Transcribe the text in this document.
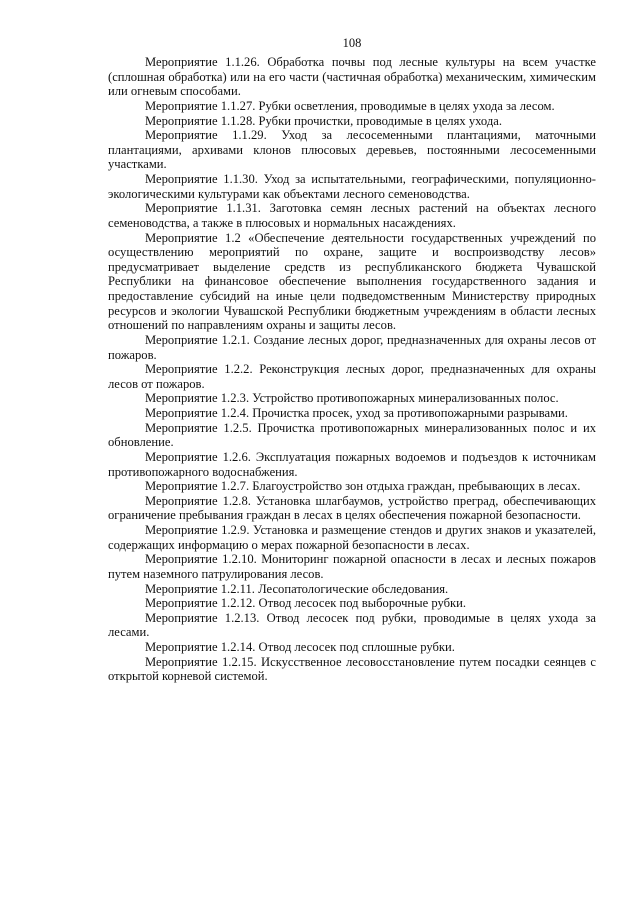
108

Мероприятие 1.1.26. Обработка почвы под лесные культуры на всем участке (сплошная обработка) или на его части (частичная обработка) механическим, химическим или огневым способами.

Мероприятие 1.1.27. Рубки осветления, проводимые в целях ухода за лесом.

Мероприятие 1.1.28. Рубки прочистки, проводимые в целях ухода.

Мероприятие 1.1.29. Уход за лесосеменными плантациями, маточными плантациями, архивами клонов плюсовых деревьев, постоянными лесосеменными участками.

Мероприятие 1.1.30. Уход за испытательными, географическими, популяционно-экологическими культурами как объектами лесного семеноводства.

Мероприятие 1.1.31. Заготовка семян лесных растений на объектах лесного семеноводства, а также в плюсовых и нормальных насаждениях.

Мероприятие 1.2 «Обеспечение деятельности государственных учреждений по осуществлению мероприятий по охране, защите и воспроизводству лесов» предусматривает выделение средств из республиканского бюджета Чувашской Республики на финансовое обеспечение выполнения государственного задания и предоставление субсидий на иные цели подведомственным Министерству природных ресурсов и экологии Чувашской Республики бюджетным учреждениям в области лесных отношений по направлениям охраны и защиты лесов.

Мероприятие 1.2.1. Создание лесных дорог, предназначенных для охраны лесов от пожаров.

Мероприятие 1.2.2. Реконструкция лесных дорог, предназначенных для охраны лесов от пожаров.

Мероприятие 1.2.3. Устройство противопожарных минерализованных полос.

Мероприятие 1.2.4. Прочистка просек, уход за противопожарными разрывами.

Мероприятие 1.2.5. Прочистка противопожарных минерализованных полос и их обновление.

Мероприятие 1.2.6. Эксплуатация пожарных водоемов и подъездов к источникам противопожарного водоснабжения.

Мероприятие 1.2.7. Благоустройство зон отдыха граждан, пребывающих в лесах.

Мероприятие 1.2.8. Установка шлагбаумов, устройство преград, обеспечивающих ограничение пребывания граждан в лесах в целях обеспечения пожарной безопасности.

Мероприятие 1.2.9. Установка и размещение стендов и других знаков и указателей, содержащих информацию о мерах пожарной безопасности в лесах.

Мероприятие 1.2.10. Мониторинг пожарной опасности в лесах и лесных пожаров путем наземного патрулирования лесов.

Мероприятие 1.2.11. Лесопатологические обследования.

Мероприятие 1.2.12. Отвод лесосек под выборочные рубки.

Мероприятие 1.2.13. Отвод лесосек под рубки, проводимые в целях ухода за лесами.

Мероприятие 1.2.14. Отвод лесосек под сплошные рубки.

Мероприятие 1.2.15. Искусственное лесовосстановление путем посадки сеянцев с открытой корневой системой.
